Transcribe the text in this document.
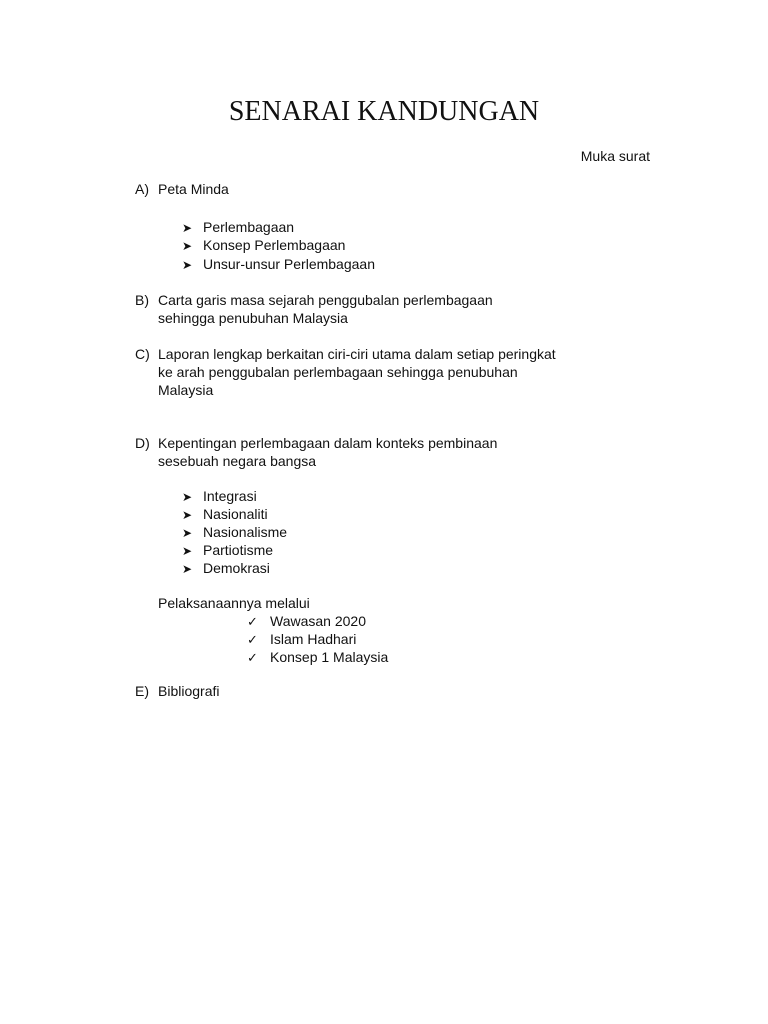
SENARAI KANDUNGAN
Muka surat
A) Peta Minda
➤ Perlembagaan
➤ Konsep Perlembagaan
➤ Unsur-unsur Perlembagaan
B) Carta garis masa sejarah penggubalan perlembagaan
sehingga penubuhan Malaysia
C) Laporan lengkap berkaitan ciri-ciri utama dalam setiap peringkat
ke arah penggubalan perlembagaan sehingga penubuhan
Malaysia
D) Kepentingan perlembagaan dalam konteks pembinaan
sesebuah negara bangsa
➤ Integrasi
➤ Nasionaliti
➤ Nasionalisme
➤ Partiotisme
➤ Demokrasi
Pelaksanaannya melalui
✓ Wawasan 2020
✓ Islam Hadhari
✓ Konsep 1 Malaysia
E) Bibliografi
